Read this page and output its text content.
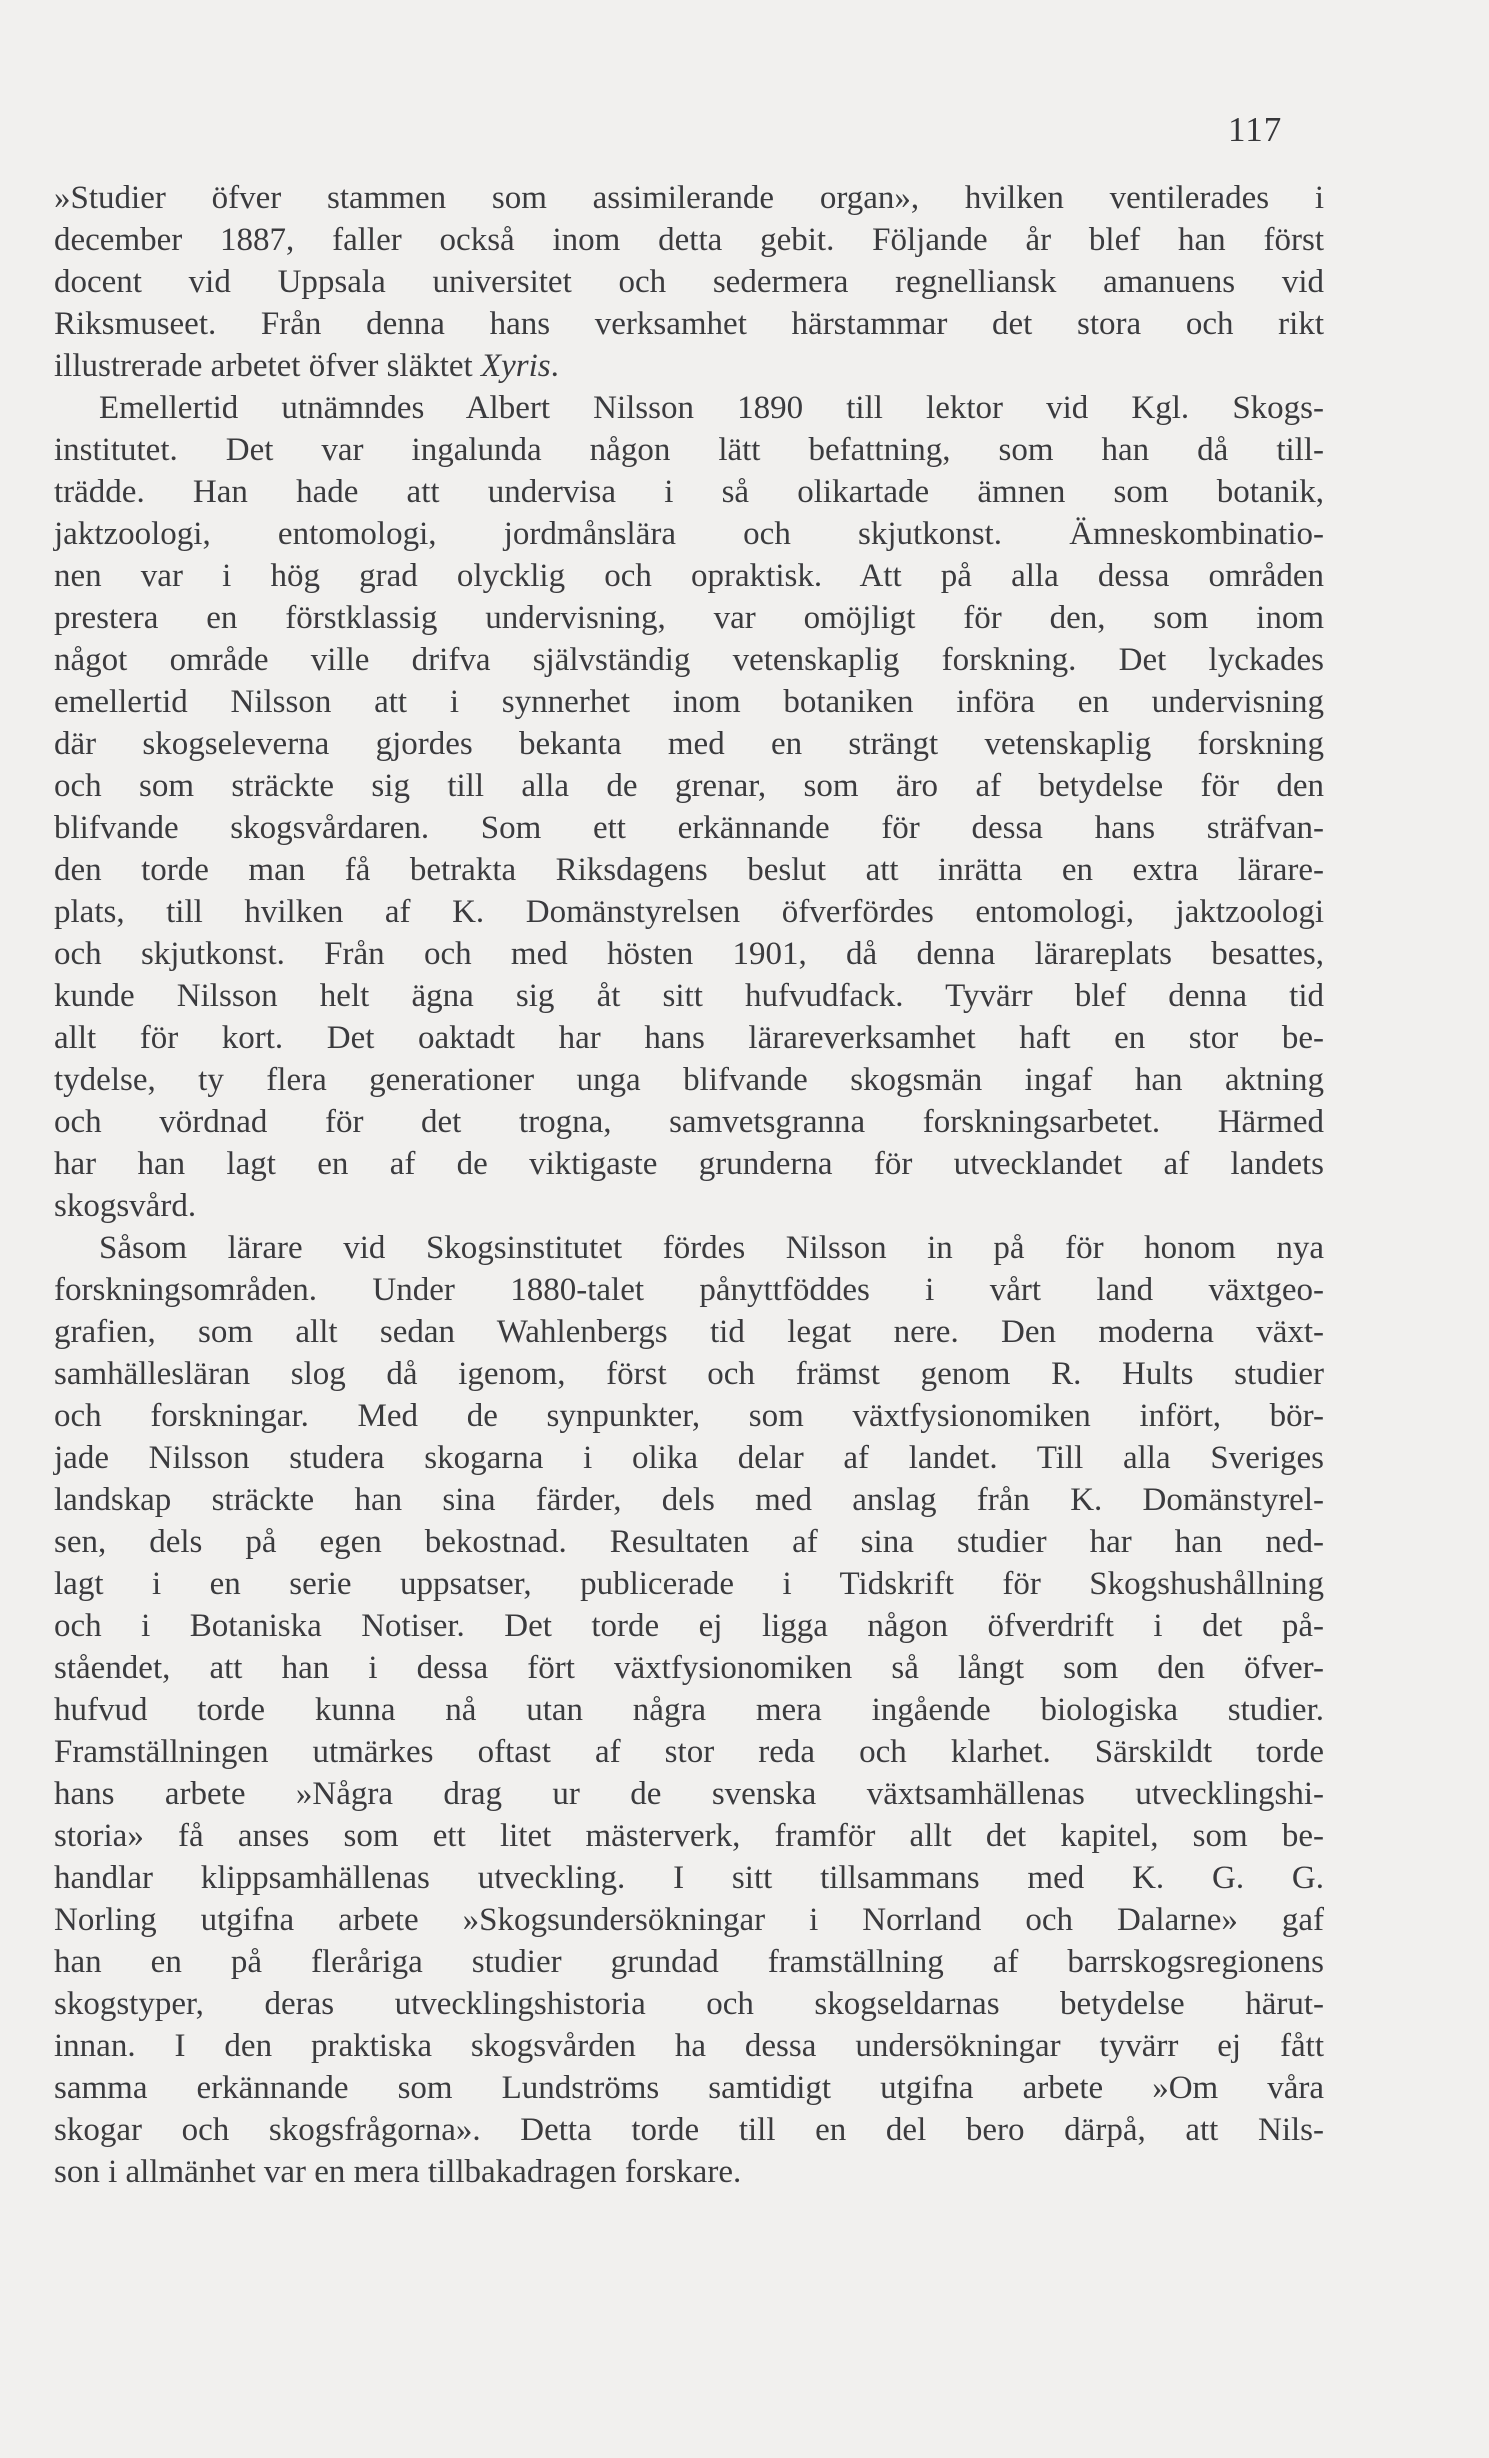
117
»Studier öfver stammen som assimilerande organ», hvilken ventilerades i
december 1887, faller också inom detta gebit. Följande år blef han först
docent vid Uppsala universitet och sedermera regnelliansk amanuens vid
Riksmuseet. Från denna hans verksamhet härstammar det stora och rikt
illustrerade arbetet öfver släktet Xyris.
Emellertid utnämndes Albert Nilsson 1890 till lektor vid Kgl. Skogs-
institutet. Det var ingalunda någon lätt befattning, som han då till-
trädde. Han hade att undervisa i så olikartade ämnen som botanik,
jaktzoologi, entomologi, jordmånslära och skjutkonst. Ämneskombinatio-
nen var i hög grad olycklig och opraktisk. Att på alla dessa områden
prestera en förstklassig undervisning, var omöjligt för den, som inom
något område ville drifva självständig vetenskaplig forskning. Det lyckades
emellertid Nilsson att i synnerhet inom botaniken införa en undervisning
där skogseleverna gjordes bekanta med en strängt vetenskaplig forskning
och som sträckte sig till alla de grenar, som äro af betydelse för den
blifvande skogsvårdaren. Som ett erkännande för dessa hans sträfvan-
den torde man få betrakta Riksdagens beslut att inrätta en extra lärare-
plats, till hvilken af K. Domänstyrelsen öfverfördes entomologi, jaktzoologi
och skjutkonst. Från och med hösten 1901, då denna lärareplats besattes,
kunde Nilsson helt ägna sig åt sitt hufvudfack. Tyvärr blef denna tid
allt för kort. Det oaktadt har hans lärareverksamhet haft en stor be-
tydelse, ty flera generationer unga blifvande skogsmän ingaf han aktning
och vördnad för det trogna, samvetsgranna forskningsarbetet. Härmed
har han lagt en af de viktigaste grunderna för utvecklandet af landets
skogsvård.
Såsom lärare vid Skogsinstitutet fördes Nilsson in på för honom nya
forskningsområden. Under 1880-talet pånyttföddes i vårt land växtgeo-
grafien, som allt sedan Wahlenbergs tid legat nere. Den moderna växt-
samhällesläran slog då igenom, först och främst genom R. Hults studier
och forskningar. Med de synpunkter, som växtfysionomiken infört, bör-
jade Nilsson studera skogarna i olika delar af landet. Till alla Sveriges
landskap sträckte han sina färder, dels med anslag från K. Domänstyrel-
sen, dels på egen bekostnad. Resultaten af sina studier har han ned-
lagt i en serie uppsatser, publicerade i Tidskrift för Skogshushållning
och i Botaniska Notiser. Det torde ej ligga någon öfverdrift i det på-
ståendet, att han i dessa fört växtfysionomiken så långt som den öfver-
hufvud torde kunna nå utan några mera ingående biologiska studier.
Framställningen utmärkes oftast af stor reda och klarhet. Särskildt torde
hans arbete »Några drag ur de svenska växtsamhällenas utvecklingshi-
storia» få anses som ett litet mästerverk, framför allt det kapitel, som be-
handlar klippsamhällenas utveckling. I sitt tillsammans med K. G. G.
Norling utgifna arbete »Skogsundersökningar i Norrland och Dalarne» gaf
han en på fleråriga studier grundad framställning af barrskogsregionens
skogstyper, deras utvecklingshistoria och skogseldarnas betydelse härut-
innan. I den praktiska skogsvården ha dessa undersökningar tyvärr ej fått
samma erkännande som Lundströms samtidigt utgifna arbete »Om våra
skogar och skogsfrågorna». Detta torde till en del bero därpå, att Nils-
son i allmänhet var en mera tillbakadragen forskare.
